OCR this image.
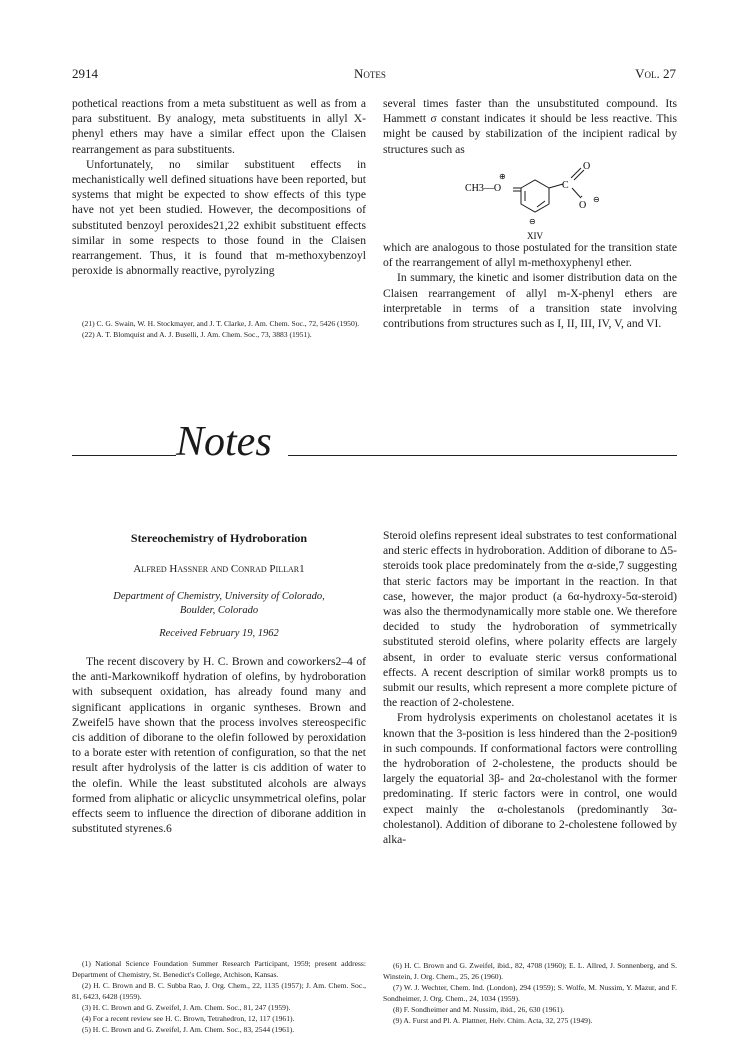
2914	Notes	Vol. 27

pothetical reactions from a meta substituent as well as from a para substituent. By analogy, meta substituents in allyl X-phenyl ethers may have a similar effect upon the Claisen rearrangement as para substituents.

Unfortunately, no similar substituent effects in mechanistically well defined situations have been reported, but systems that might be expected to show effects of this type have not yet been studied. However, the decompositions of substituted benzoyl peroxides21,22 exhibit substituent effects similar in some respects to those found in the Claisen rearrangement. Thus, it is found that m-methoxybenzoyl peroxide is abnormally reactive, pyrolyzing

(21) C. G. Swain, W. H. Stockmayer, and J. T. Clarke, J. Am. Chem. Soc., 72, 5426 (1950).

(22) A. T. Blomquist and A. J. Buselli, J. Am. Chem. Soc., 73, 3883 (1951).

several times faster than the unsubstituted compound. Its Hammett σ constant indicates it should be less reactive. This might be caused by stabilization of the incipient radical by structures such as

CH3—O
⊕
⊖
C
O
O
⊖
·
XIV

which are analogous to those postulated for the transition state of the rearrangement of allyl m-methoxyphenyl ether.

In summary, the kinetic and isomer distribution data on the Claisen rearrangement of allyl m-X-phenyl ethers are interpretable in terms of a transition state involving contributions from structures such as I, II, III, IV, V, and VI.

Notes
Stereochemistry of Hydroboration
Alfred Hassner and Conrad Pillar1
Department of Chemistry, University of Colorado,
Boulder, Colorado
Received February 19, 1962

The recent discovery by H. C. Brown and coworkers2–4 of the anti-Markownikoff hydration of olefins, by hydroboration with subsequent oxidation, has already found many and significant applications in organic syntheses. Brown and Zweifel5 have shown that the process involves stereospecific cis addition of diborane to the olefin followed by peroxidation to a borate ester with retention of configuration, so that the net result after hydrolysis of the latter is cis addition of water to the olefin. While the least substituted alcohols are always formed from aliphatic or alicyclic unsymmetrical olefins, polar effects seem to influence the direction of diborane addition in substituted styrenes.6

(1) National Science Foundation Summer Research Participant, 1959; present address: Department of Chemistry, St. Benedict's College, Atchison, Kansas.

(2) H. C. Brown and B. C. Subba Rao, J. Org. Chem., 22, 1135 (1957); J. Am. Chem. Soc., 81, 6423, 6428 (1959).

(3) H. C. Brown and G. Zweifel, J. Am. Chem. Soc., 81, 247 (1959).

(4) For a recent review see H. C. Brown, Tetrahedron, 12, 117 (1961).

(5) H. C. Brown and G. Zweifel, J. Am. Chem. Soc., 83, 2544 (1961).

Steroid olefins represent ideal substrates to test conformational and steric effects in hydroboration. Addition of diborane to Δ5-steroids took place predominately from the α-side,7 suggesting that steric factors may be important in the reaction. In that case, however, the major product (a 6α-hydroxy-5α-steroid) was also the thermodynamically more stable one. We therefore decided to study the hydroboration of symmetrically substituted steroid olefins, where polarity effects are largely absent, in order to evaluate steric versus conformational effects. A recent description of similar work8 prompts us to submit our results, which represent a more complete picture of the reaction of 2-cholestene.

From hydrolysis experiments on cholestanol acetates it is known that the 3-position is less hindered than the 2-position9 in such compounds. If conformational factors were controlling the hydroboration of 2-cholestene, the products should be largely the equatorial 3β- and 2α-cholestanol with the former predominating. If steric factors were in control, one would expect mainly the α-cholestanols (predominantly 3α-cholestanol). Addition of diborane to 2-cholestene followed by alka-

(6) H. C. Brown and G. Zweifel, ibid., 82, 4708 (1960); E. L. Allred, J. Sonnenberg, and S. Winstein, J. Org. Chem., 25, 26 (1960).

(7) W. J. Wechter, Chem. Ind. (London), 294 (1959); S. Wolfe, M. Nussim, Y. Mazur, and F. Sondheimer, J. Org. Chem., 24, 1034 (1959).

(8) F. Sondheimer and M. Nussim, ibid., 26, 630 (1961).

(9) A. Furst and Pl. A. Plattner, Helv. Chim. Acta, 32, 275 (1949).
